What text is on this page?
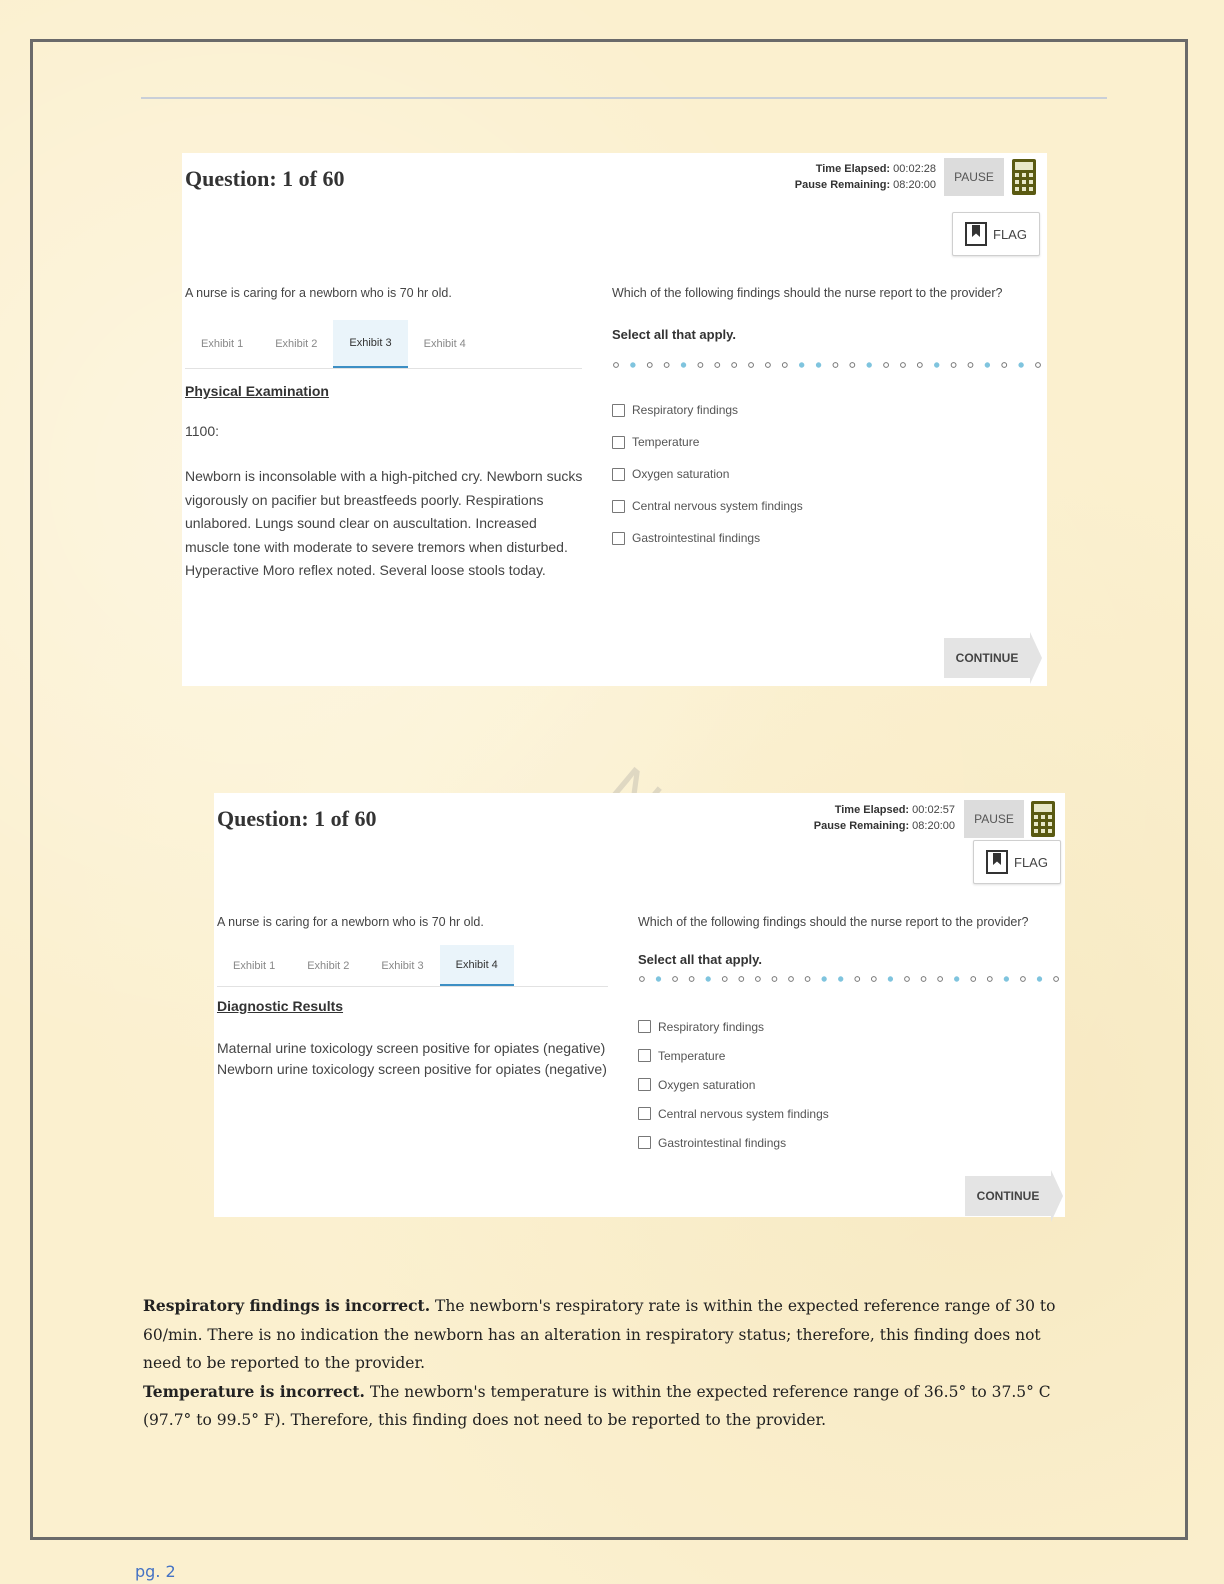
Question: 1 of 60	Time Elapsed: 00:02:28
Pause Remaining: 08:20:00
PAUSE
FLAG
A nurse is caring for a newborn who is 70 hr old.
Exhibit 1	Exhibit 2	Exhibit 3	Exhibit 4
Physical Examination
1100:
Newborn is inconsolable with a high-pitched cry. Newborn sucks vigorously on pacifier but breastfeeds poorly. Respirations unlabored. Lungs sound clear on auscultation. Increased muscle tone with moderate to severe tremors when disturbed. Hyperactive Moro reflex noted. Several loose stools today.
Which of the following findings should the nurse report to the provider?
Select all that apply.
Respiratory findings
Temperature
Oxygen saturation
Central nervous system findings
Gastrointestinal findings
CONTINUE
Question: 1 of 60	Time Elapsed: 00:02:57
Pause Remaining: 08:20:00	PAUSE
FLAG
A nurse is caring for a newborn who is 70 hr old.
Exhibit 1	Exhibit 2	Exhibit 3	Exhibit 4
Diagnostic Results
Maternal urine toxicology screen positive for opiates (negative)
Newborn urine toxicology screen positive for opiates (negative)
Which of the following findings should the nurse report to the provider?
Select all that apply.
Respiratory findings
Temperature
Oxygen saturation
Central nervous system findings
Gastrointestinal findings
CONTINUE

Respiratory findings is incorrect. The newborn's respiratory rate is within the expected reference range of 30 to 60/min. There is no indication the newborn has an alteration in respiratory status; therefore, this finding does not need to be reported to the provider.

Temperature is incorrect. The newborn's temperature is within the expected reference range of 36.5° to 37.5° C (97.7° to 99.5° F). Therefore, this finding does not need to be reported to the provider.

pg. 2
